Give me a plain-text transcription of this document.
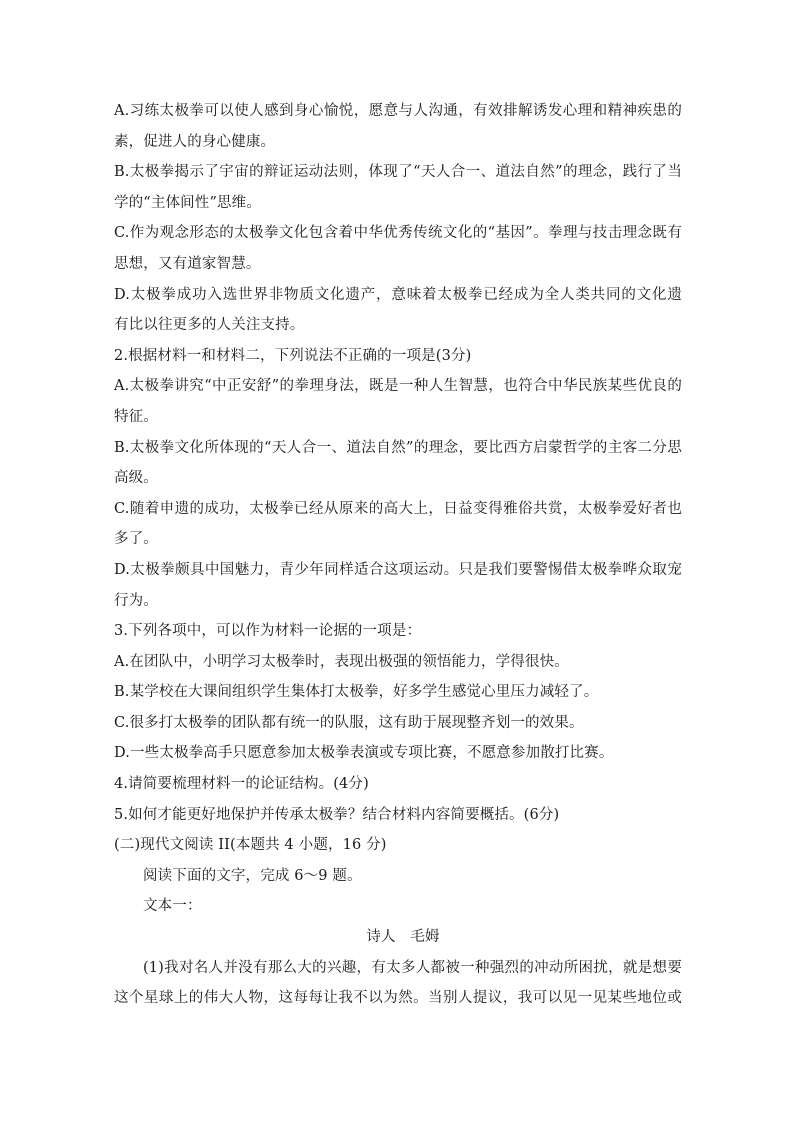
A.习练太极拳可以使人感到身心愉悦，愿意与人沟通，有效排解诱发心理和精神疾患的
素，促进人的身心健康。
B.太极拳揭示了宇宙的辩证运动法则，体现了“天人合一、道法自然”的理念，践行了当
学的“主体间性”思维。
C.作为观念形态的太极拳文化包含着中华优秀传统文化的“基因”。拳理与技击理念既有
思想，又有道家智慧。
D.太极拳成功入选世界非物质文化遗产，意味着太极拳已经成为全人类共同的文化遗
有比以往更多的人关注支持。
2.根据材料一和材料二，下列说法不正确的一项是(3分)
A.太极拳讲究“中正安舒”的拳理身法，既是一种人生智慧，也符合中华民族某些优良的
特征。
B.太极拳文化所体现的“天人合一、道法自然”的理念，要比西方启蒙哲学的主客二分思
高级。
C.随着申遗的成功，太极拳已经从原来的高大上，日益变得雅俗共赏，太极拳爱好者也
多了。
D.太极拳颇具中国魅力，青少年同样适合这项运动。只是我们要警惕借太极拳哗众取宠
行为。
3.下列各项中，可以作为材料一论据的一项是：
A.在团队中，小明学习太极拳时，表现出极强的领悟能力，学得很快。
B.某学校在大课间组织学生集体打太极拳，好多学生感觉心里压力减轻了。
C.很多打太极拳的团队都有统一的队服，这有助于展现整齐划一的效果。
D.一些太极拳高手只愿意参加太极拳表演或专项比赛，不愿意参加散打比赛。
4.请简要梳理材料一的论证结构。(4分)
5.如何才能更好地保护并传承太极拳？结合材料内容简要概括。(6分)
(二)现代文阅读 II(本题共 4 小题，16 分)
阅读下面的文字，完成 6～9 题。
文本一：
诗人　毛姆
(1)我对名人并没有那么大的兴趣，有太多人都被一种强烈的冲动所困扰，就是想要
这个星球上的伟大人物，这每每让我不以为然。当别人提议，我可以见一见某些地位或
